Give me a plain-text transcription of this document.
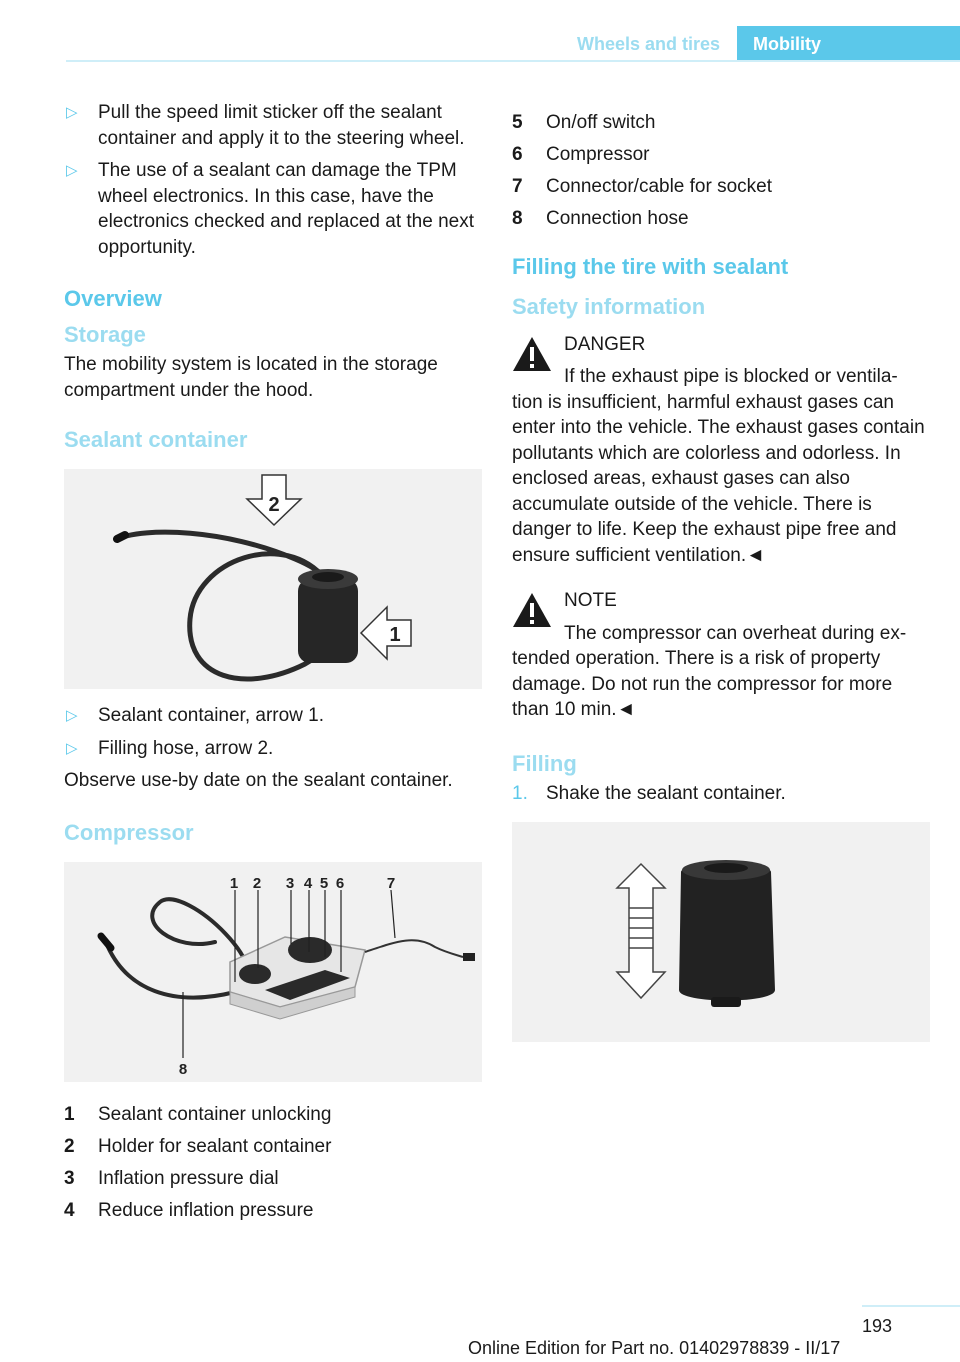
Wheels and tires	Mobility
▷ Pull the speed limit sticker off the sealant container and apply it to the steering wheel.
▷ The use of a sealant can damage the TPM wheel electronics. In this case, have the electronics checked and replaced at the next opportunity.
Overview
Storage

The mobility system is located in the storage compartment under the hood.

Sealant container
2
1
▷ Sealant container, arrow 1.
▷ Filling hose, arrow 2.

Observe use-by date on the sealant container.

Compressor
1 2 3 4 5 6	7
8
1	Sealant container unlocking
2	Holder for sealant container
3	Inflation pressure dial
4	Reduce inflation pressure
5	On/off switch
6	Compressor
7	Connector/cable for socket
8	Connection hose
Filling the tire with sealant
Safety information

DANGER

If the exhaust pipe is blocked or ventila-

tion is insufficient, harmful exhaust gases can enter into the vehicle. The exhaust gases contain pollutants which are colorless and odorless. In enclosed areas, exhaust gases can also accumulate outside of the vehicle. There is danger to life. Keep the exhaust pipe free and ensure sufficient ventilation.◄

NOTE

The compressor can overheat during ex-

tended operation. There is a risk of property damage. Do not run the compressor for more than 10 min.◄

Filling
1. Shake the sealant container.
193
Online Edition for Part no. 01402978839 - II/17
